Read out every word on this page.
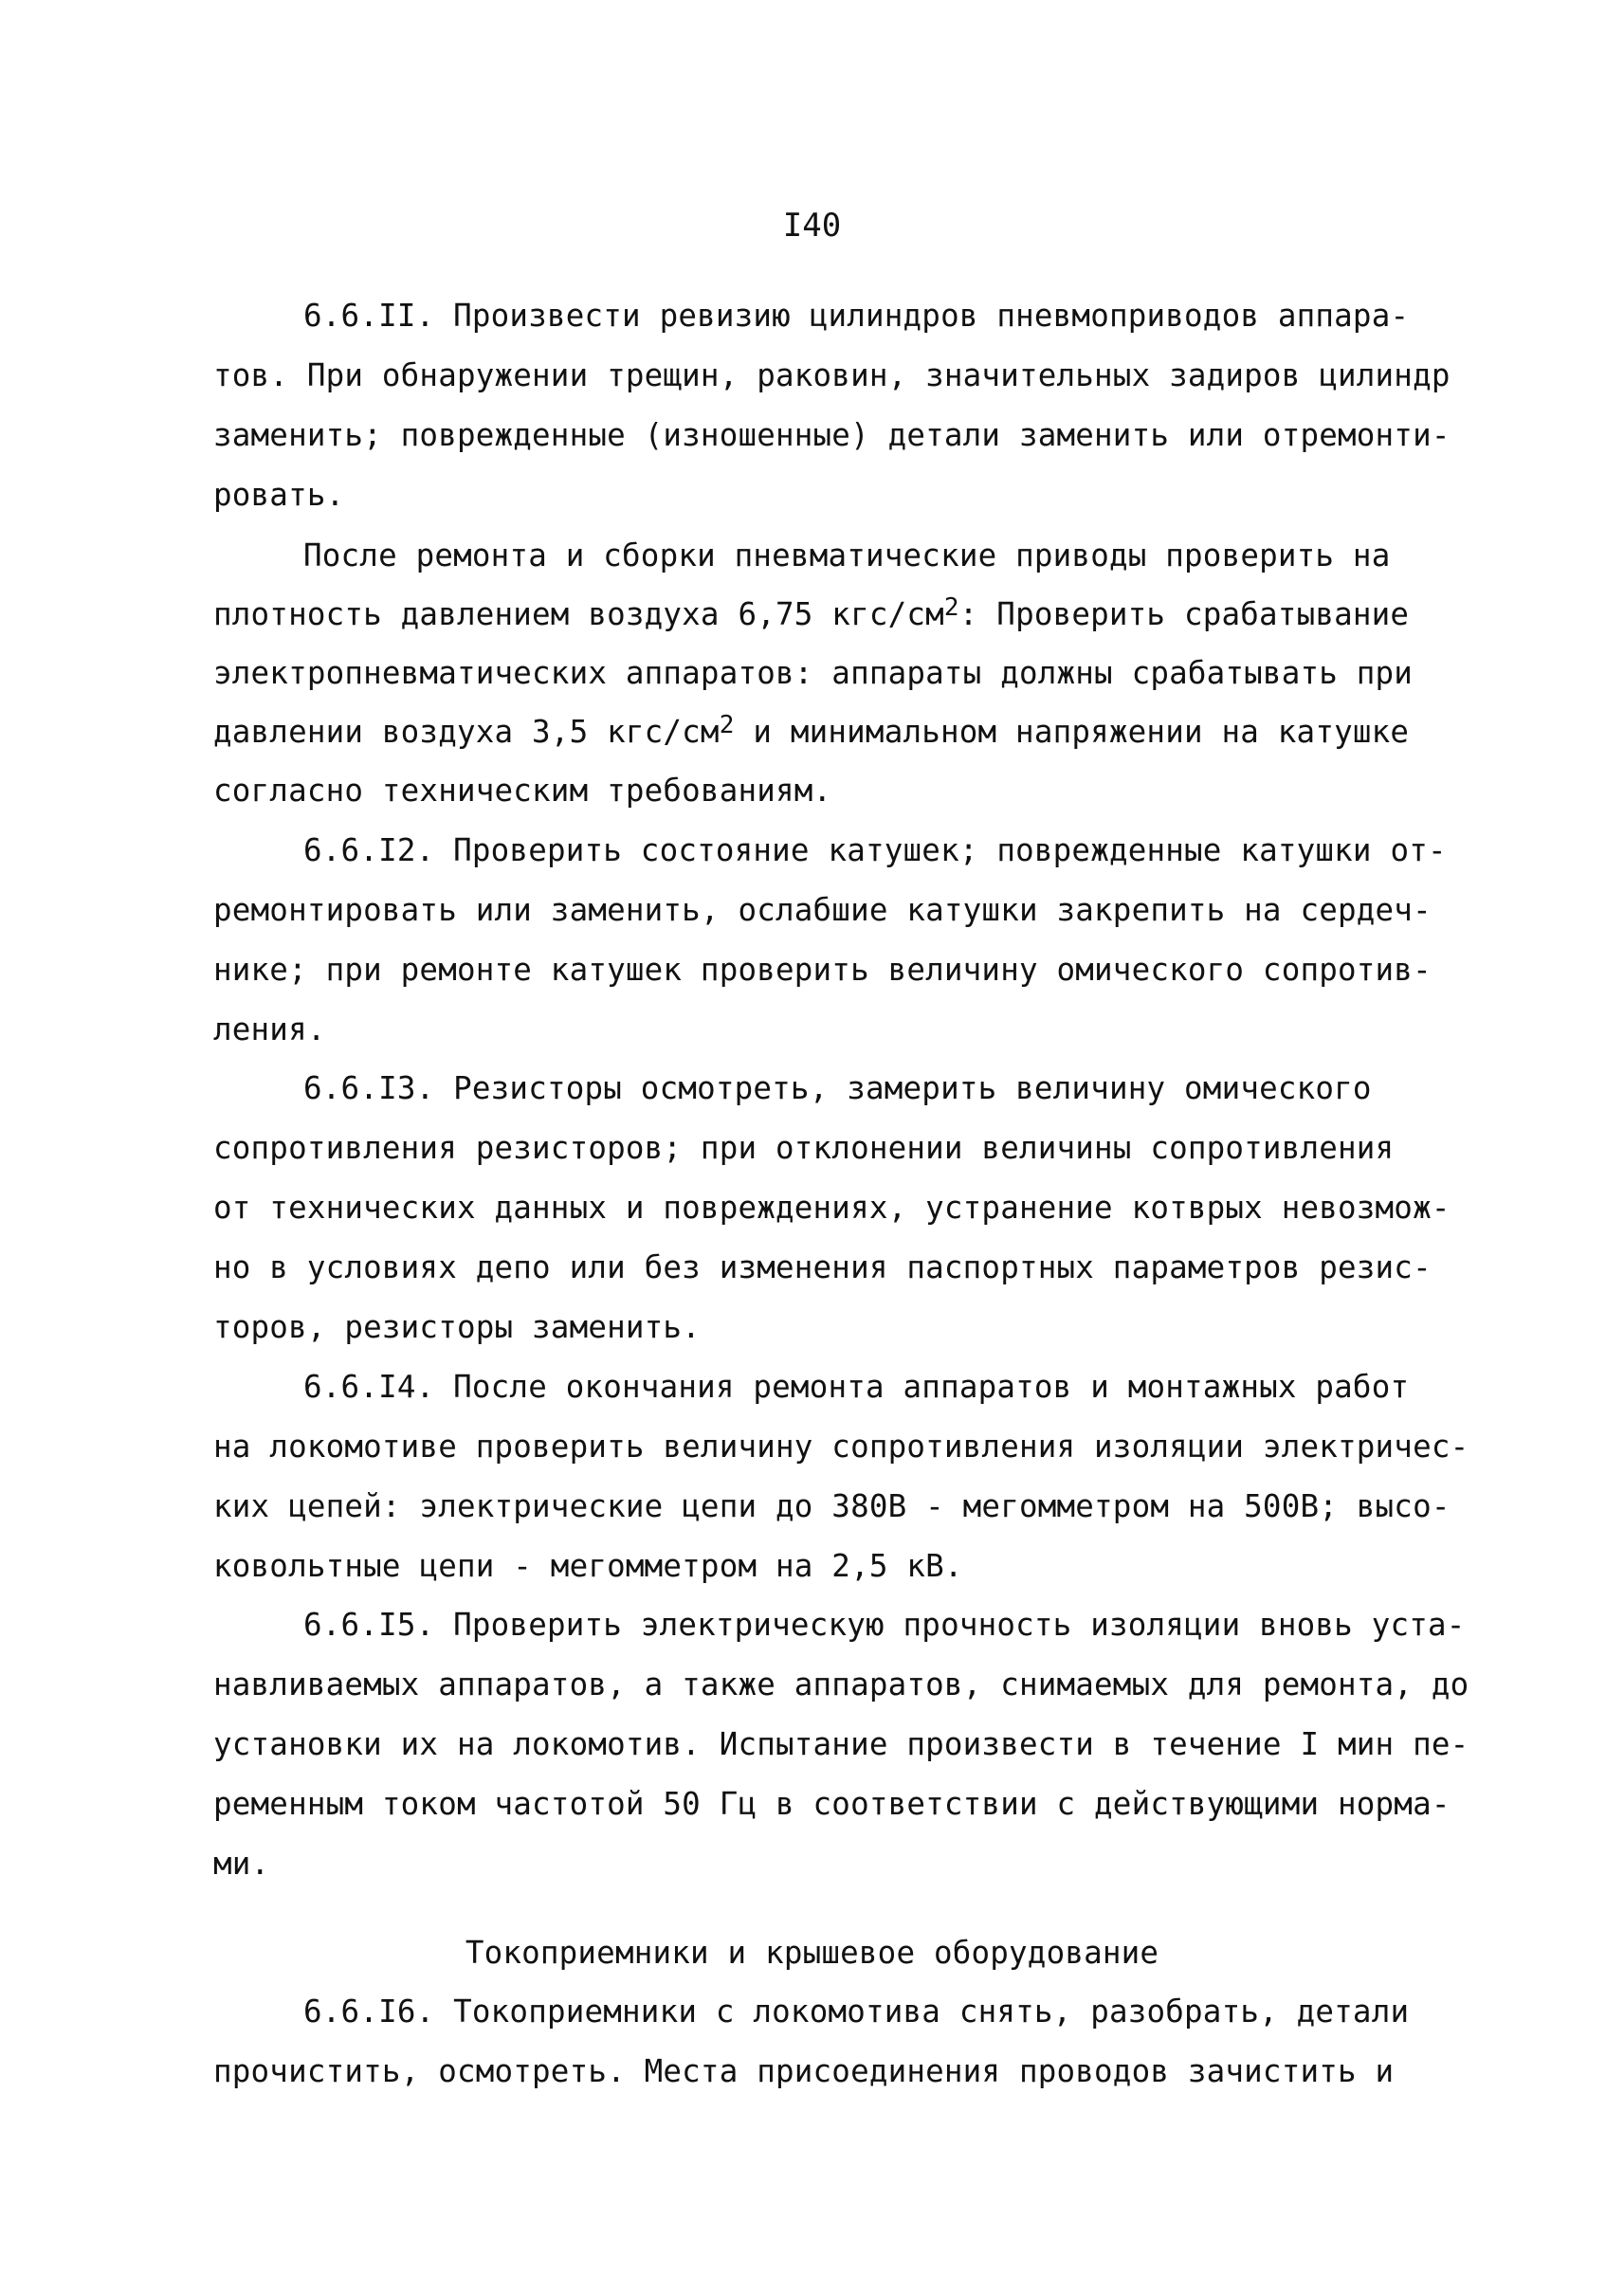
I40
6.6.II. Произвести ревизию цилиндров пневмоприводов аппара-
тов. При обнаружении трещин, раковин, значительных задиров цилиндр
заменить; поврежденные (изношенные) детали заменить или отремонти-
ровать.
После ремонта и сборки пневматические приводы проверить на
плотность давлением воздуха 6,75 кгс/$см^2$: Проверить срабатывание
электропневматических аппаратов: аппараты должны срабатывать при
давлении воздуха 3,5 кгс/$см^2$ и минимальном напряжении на катушке
согласно техническим требованиям.
6.6.I2. Проверить состояние катушек; поврежденные катушки от-
ремонтировать или заменить, ослабшие катушки закрепить на сердеч-
нике; при ремонте катушек проверить величину омического сопротив-
ления.
6.6.I3. Резисторы осмотреть, замерить величину омического
сопротивления резисторов; при отклонении величины сопротивления
от технических данных и повреждениях, устранение котврых невозмож-
но в условиях депо или без изменения паспортных параметров резис-
торов, резисторы заменить.
6.6.I4. После окончания ремонта аппаратов и монтажных работ
на локомотиве проверить величину сопротивления изоляции электричес-
ких цепей: электрические цепи до 380В - мегомметром на 500В; высо-
ковольтные цепи - мегомметром на 2,5 кВ.
6.6.I5. Проверить электрическую прочность изоляции вновь уста-
навливаемых аппаратов, а также аппаратов, снимаемых для ремонта, до
установки их на локомотив. Испытание произвести в течение I мин пе-
ременным током частотой 50 Гц в соответствии с действующими норма-
ми.
Токоприемники и крышевое оборудование
6.6.I6. Токоприемники с локомотива снять, разобрать, детали
прочистить, осмотреть. Места присоединения проводов зачистить и
